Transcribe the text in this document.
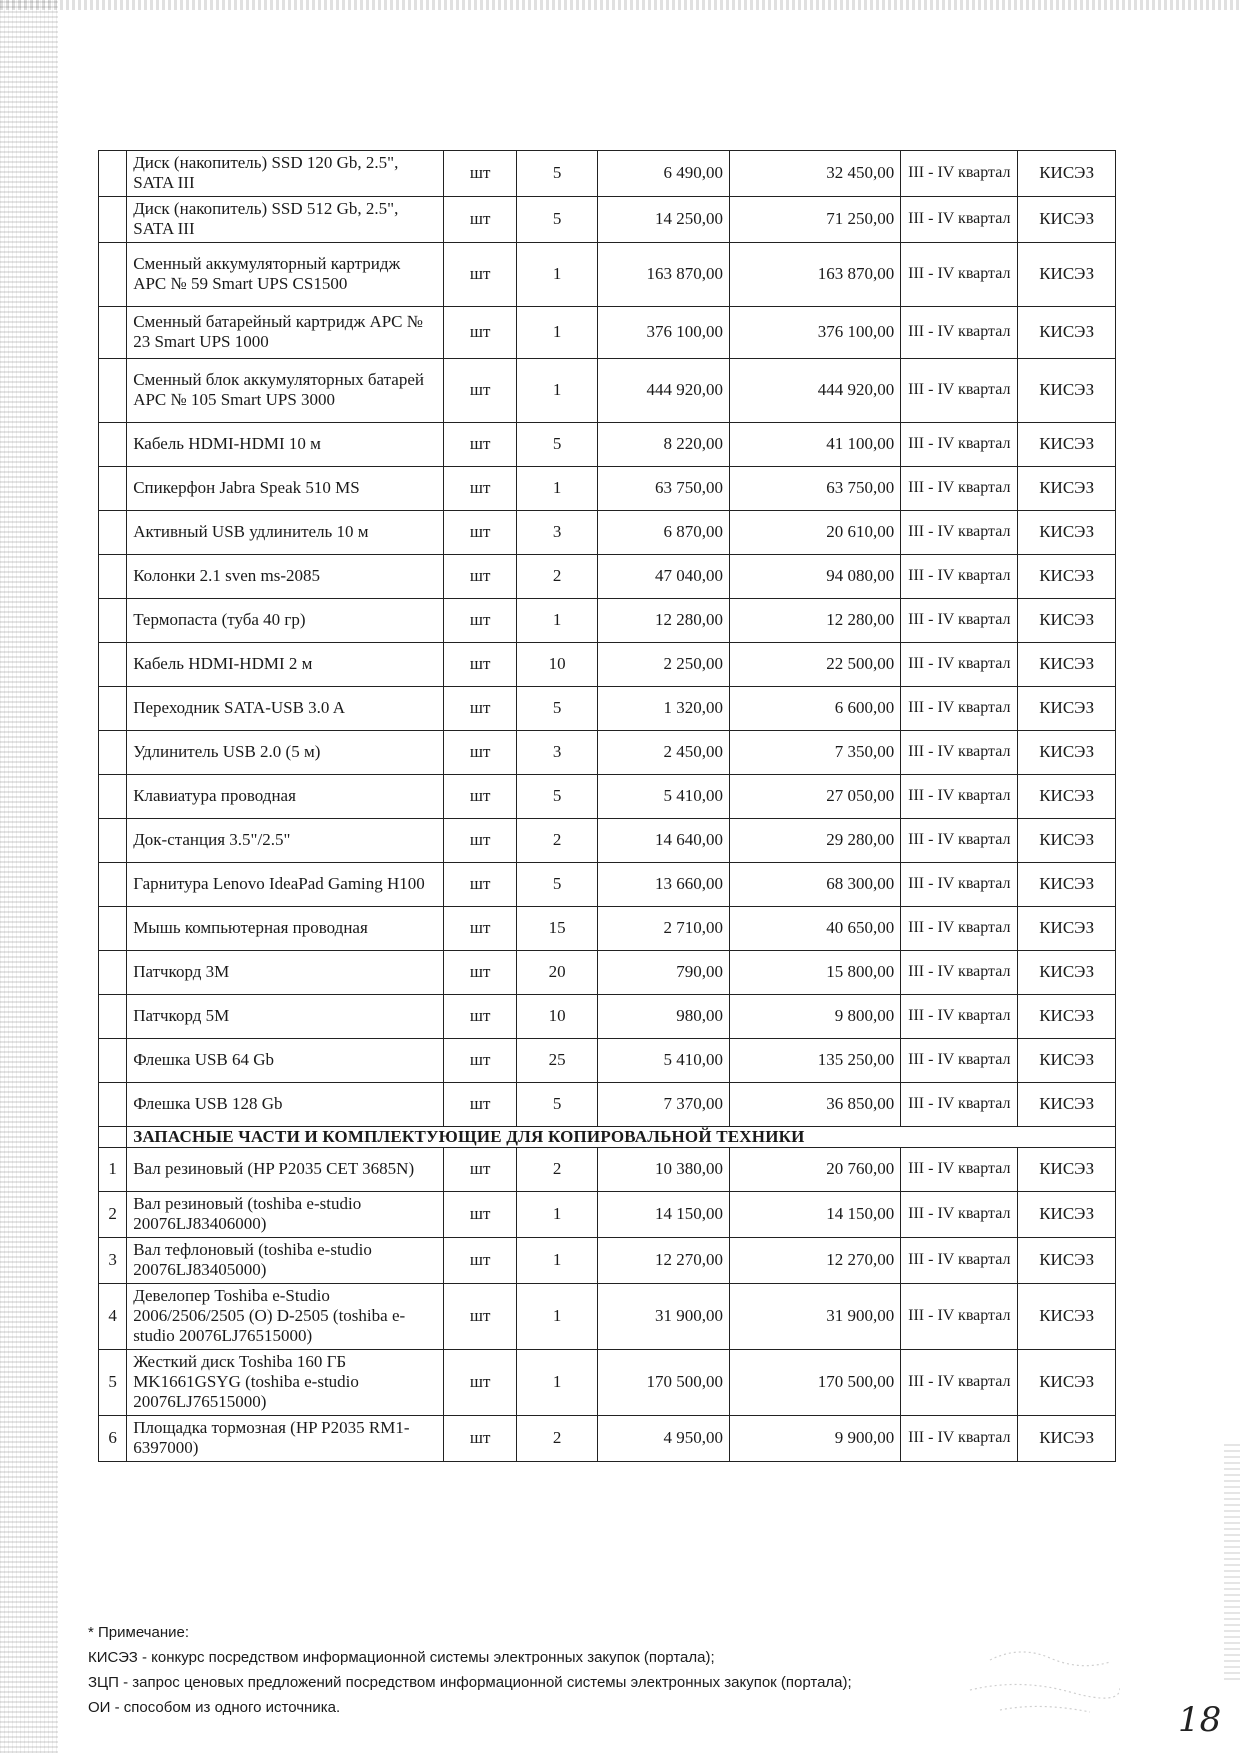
	Диск (накопитель) SSD 120 Gb, 2.5", SATA III	шт	5	6 490,00	32 450,00	III - IV квартал	КИСЭЗ
	Диск (накопитель) SSD 512 Gb, 2.5", SATA III	шт	5	14 250,00	71 250,00	III - IV квартал	КИСЭЗ
	Сменный аккумуляторный картридж APC № 59 Smart UPS CS1500	шт	1	163 870,00	163 870,00	III - IV квартал	КИСЭЗ
	Сменный батарейный картридж APC № 23 Smart UPS 1000	шт	1	376 100,00	376 100,00	III - IV квартал	КИСЭЗ
	Сменный блок аккумуляторных батарей APC № 105 Smart UPS 3000	шт	1	444 920,00	444 920,00	III - IV квартал	КИСЭЗ
	Кабель HDMI-HDMI 10 м	шт	5	8 220,00	41 100,00	III - IV квартал	КИСЭЗ
	Спикерфон Jabra Speak 510 MS	шт	1	63 750,00	63 750,00	III - IV квартал	КИСЭЗ
	Активный USB удлинитель 10 м	шт	3	6 870,00	20 610,00	III - IV квартал	КИСЭЗ
	Колонки 2.1 sven ms-2085	шт	2	47 040,00	94 080,00	III - IV квартал	КИСЭЗ
	Термопаста (туба 40 гр)	шт	1	12 280,00	12 280,00	III - IV квартал	КИСЭЗ
	Кабель HDMI-HDMI 2 м	шт	10	2 250,00	22 500,00	III - IV квартал	КИСЭЗ
	Переходник SATA-USB 3.0 A	шт	5	1 320,00	6 600,00	III - IV квартал	КИСЭЗ
	Удлинитель USB 2.0 (5 м)	шт	3	2 450,00	7 350,00	III - IV квартал	КИСЭЗ
	Клавиатура проводная	шт	5	5 410,00	27 050,00	III - IV квартал	КИСЭЗ
	Док-станция 3.5"/2.5"	шт	2	14 640,00	29 280,00	III - IV квартал	КИСЭЗ
	Гарнитура Lenovo IdeaPad Gaming H100	шт	5	13 660,00	68 300,00	III - IV квартал	КИСЭЗ
	Мышь компьютерная проводная	шт	15	2 710,00	40 650,00	III - IV квартал	КИСЭЗ
	Патчкорд 3М	шт	20	790,00	15 800,00	III - IV квартал	КИСЭЗ
	Патчкорд 5М	шт	10	980,00	9 800,00	III - IV квартал	КИСЭЗ
	Флешка USB 64 Gb	шт	25	5 410,00	135 250,00	III - IV квартал	КИСЭЗ
	Флешка USB 128 Gb	шт	5	7 370,00	36 850,00	III - IV квартал	КИСЭЗ
	ЗАПАСНЫЕ ЧАСТИ И КОМПЛЕКТУЮЩИЕ ДЛЯ КОПИРОВАЛЬНОЙ ТЕХНИКИ						
1	Вал резиновый (HP P2035 CET 3685N)	шт	2	10 380,00	20 760,00	III - IV квартал	КИСЭЗ
2	Вал резиновый (toshiba e-studio 20076LJ83406000)	шт	1	14 150,00	14 150,00	III - IV квартал	КИСЭЗ
3	Вал тефлоновый (toshiba e-studio 20076LJ83405000)	шт	1	12 270,00	12 270,00	III - IV квартал	КИСЭЗ
4	Девелопер Toshiba e-Studio 2006/2506/2505 (O) D-2505 (toshiba e-studio 20076LJ76515000)	шт	1	31 900,00	31 900,00	III - IV квартал	КИСЭЗ
5	Жесткий диск Toshiba 160 ГБ MK1661GSYG (toshiba e-studio 20076LJ76515000)	шт	1	170 500,00	170 500,00	III - IV квартал	КИСЭЗ
6	Площадка тормозная (HP P2035 RM1-6397000)	шт	2	4 950,00	9 900,00	III - IV квартал	КИСЭЗ
* Примечание:
КИСЭЗ - конкурс посредством информационной системы электронных закупок (портала);
ЗЦП - запрос ценовых предложений посредством информационной системы электронных закупок (портала);
ОИ - способом из одного источника.	18
